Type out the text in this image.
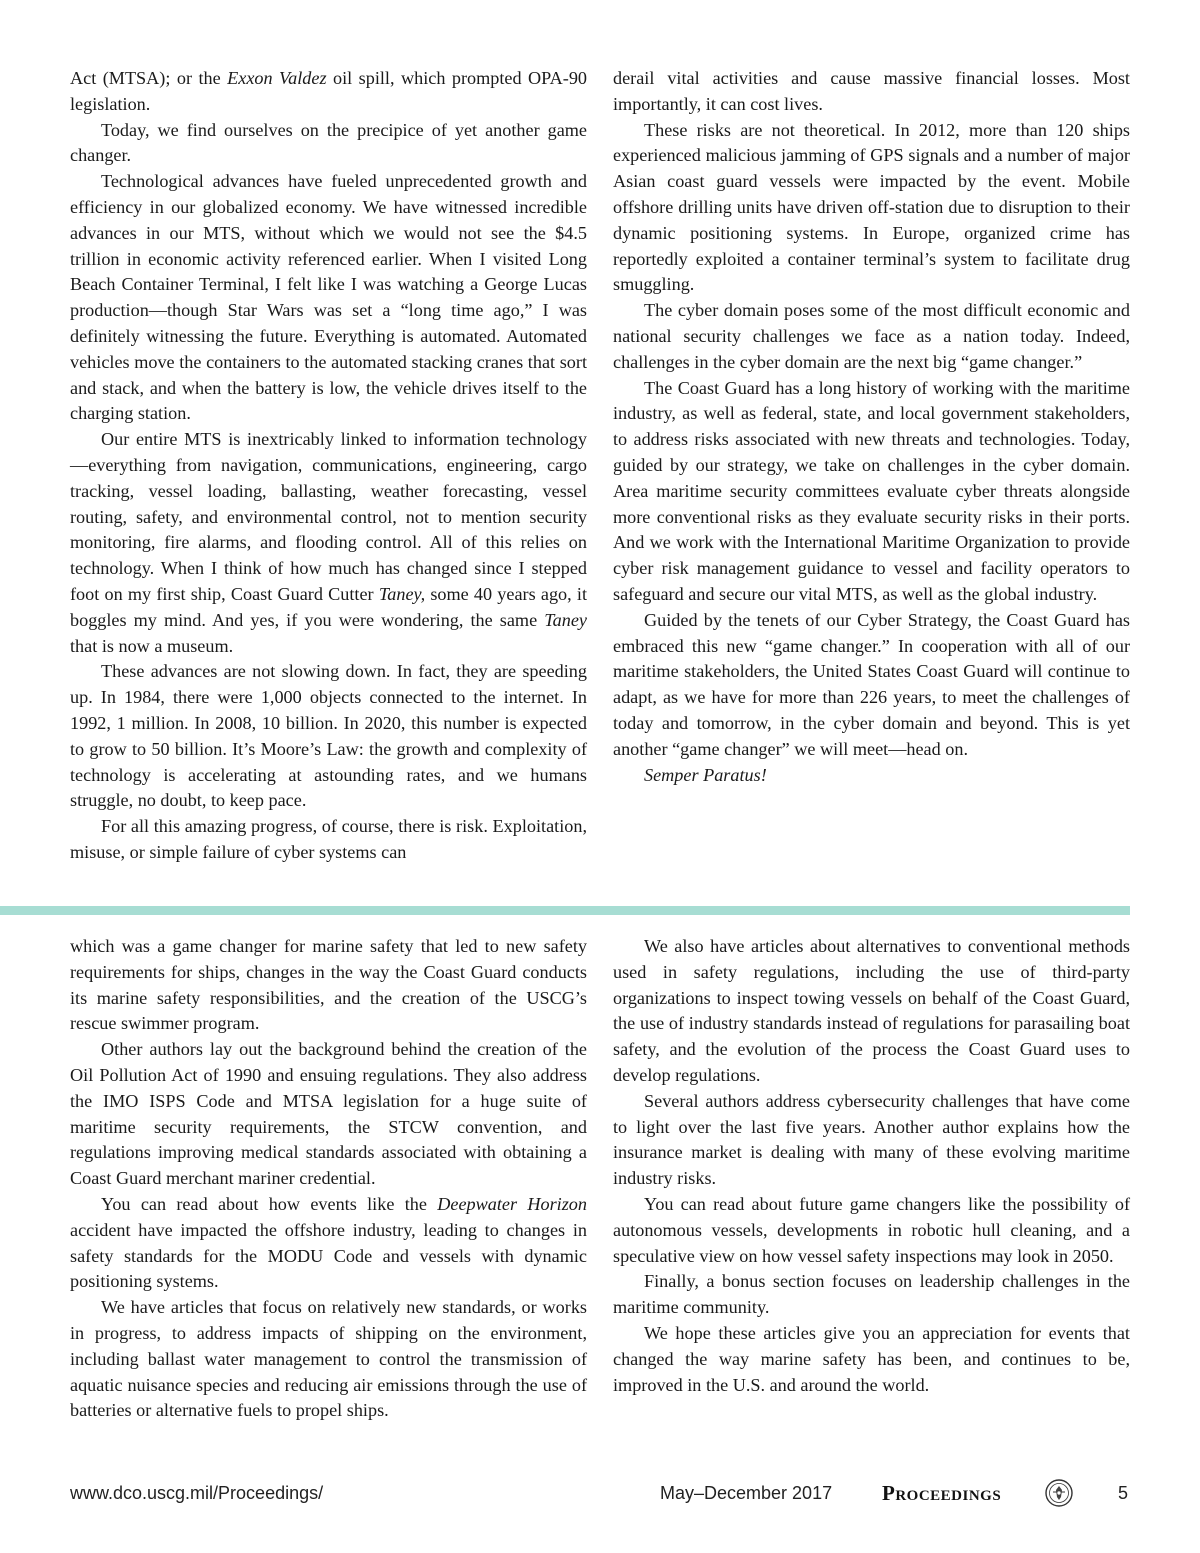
Act (MTSA); or the Exxon Valdez oil spill, which prompted OPA-90 legislation.

Today, we find ourselves on the precipice of yet another game changer.

Technological advances have fueled unprecedented growth and efficiency in our globalized economy. We have witnessed incredible advances in our MTS, without which we would not see the $4.5 trillion in economic activity referenced earlier. When I visited Long Beach Container Terminal, I felt like I was watching a George Lucas production—though Star Wars was set a “long time ago,” I was definitely witnessing the future. Everything is automated. Automated vehicles move the containers to the automated stacking cranes that sort and stack, and when the battery is low, the vehicle drives itself to the charging station.

Our entire MTS is inextricably linked to information technology—everything from navigation, communications, engineering, cargo tracking, vessel loading, ballasting, weather forecasting, vessel routing, safety, and environmental control, not to mention security monitoring, fire alarms, and flooding control. All of this relies on technology. When I think of how much has changed since I stepped foot on my first ship, Coast Guard Cutter Taney, some 40 years ago, it boggles my mind. And yes, if you were wondering, the same Taney that is now a museum.

These advances are not slowing down. In fact, they are speeding up. In 1984, there were 1,000 objects connected to the internet. In 1992, 1 million. In 2008, 10 billion. In 2020, this number is expected to grow to 50 billion. It’s Moore’s Law: the growth and complexity of technology is accelerating at astounding rates, and we humans struggle, no doubt, to keep pace.

For all this amazing progress, of course, there is risk. Exploitation, misuse, or simple failure of cyber systems can

derail vital activities and cause massive financial losses. Most importantly, it can cost lives.

These risks are not theoretical. In 2012, more than 120 ships experienced malicious jamming of GPS signals and a number of major Asian coast guard vessels were impacted by the event. Mobile offshore drilling units have driven off-station due to disruption to their dynamic positioning systems. In Europe, organized crime has reportedly exploited a container terminal’s system to facilitate drug smuggling.

The cyber domain poses some of the most difficult economic and national security challenges we face as a nation today. Indeed, challenges in the cyber domain are the next big “game changer.”

The Coast Guard has a long history of working with the maritime industry, as well as federal, state, and local government stakeholders, to address risks associated with new threats and technologies. Today, guided by our strategy, we take on challenges in the cyber domain. Area maritime security committees evaluate cyber threats alongside more conventional risks as they evaluate security risks in their ports. And we work with the International Maritime Organization to provide cyber risk management guidance to vessel and facility operators to safeguard and secure our vital MTS, as well as the global industry.

Guided by the tenets of our Cyber Strategy, the Coast Guard has embraced this new “game changer.” In cooperation with all of our maritime stakeholders, the United States Coast Guard will continue to adapt, as we have for more than 226 years, to meet the challenges of today and tomorrow, in the cyber domain and beyond. This is yet another “game changer” we will meet—head on.

Semper Paratus!

which was a game changer for marine safety that led to new safety requirements for ships, changes in the way the Coast Guard conducts its marine safety responsibilities, and the creation of the USCG’s rescue swimmer program.

Other authors lay out the background behind the creation of the Oil Pollution Act of 1990 and ensuing regulations. They also address the IMO ISPS Code and MTSA legislation for a huge suite of maritime security requirements, the STCW convention, and regulations improving medical standards associated with obtaining a Coast Guard merchant mariner credential.

You can read about how events like the Deepwater Horizon accident have impacted the offshore industry, leading to changes in safety standards for the MODU Code and vessels with dynamic positioning systems.

We have articles that focus on relatively new standards, or works in progress, to address impacts of shipping on the environment, including ballast water management to control the transmission of aquatic nuisance species and reducing air emissions through the use of batteries or alternative fuels to propel ships.

We also have articles about alternatives to conventional methods used in safety regulations, including the use of third-party organizations to inspect towing vessels on behalf of the Coast Guard, the use of industry standards instead of regulations for parasailing boat safety, and the evolution of the process the Coast Guard uses to develop regulations.

Several authors address cybersecurity challenges that have come to light over the last five years. Another author explains how the insurance market is dealing with many of these evolving maritime industry risks.

You can read about future game changers like the possibility of autonomous vessels, developments in robotic hull cleaning, and a speculative view on how vessel safety inspections may look in 2050.

Finally, a bonus section focuses on leadership challenges in the maritime community.

We hope these articles give you an appreciation for events that changed the way marine safety has been, and continues to be, improved in the U.S. and around the world.

www.dco.uscg.mil/Proceedings/	May–December 2017 Proceedings	5
